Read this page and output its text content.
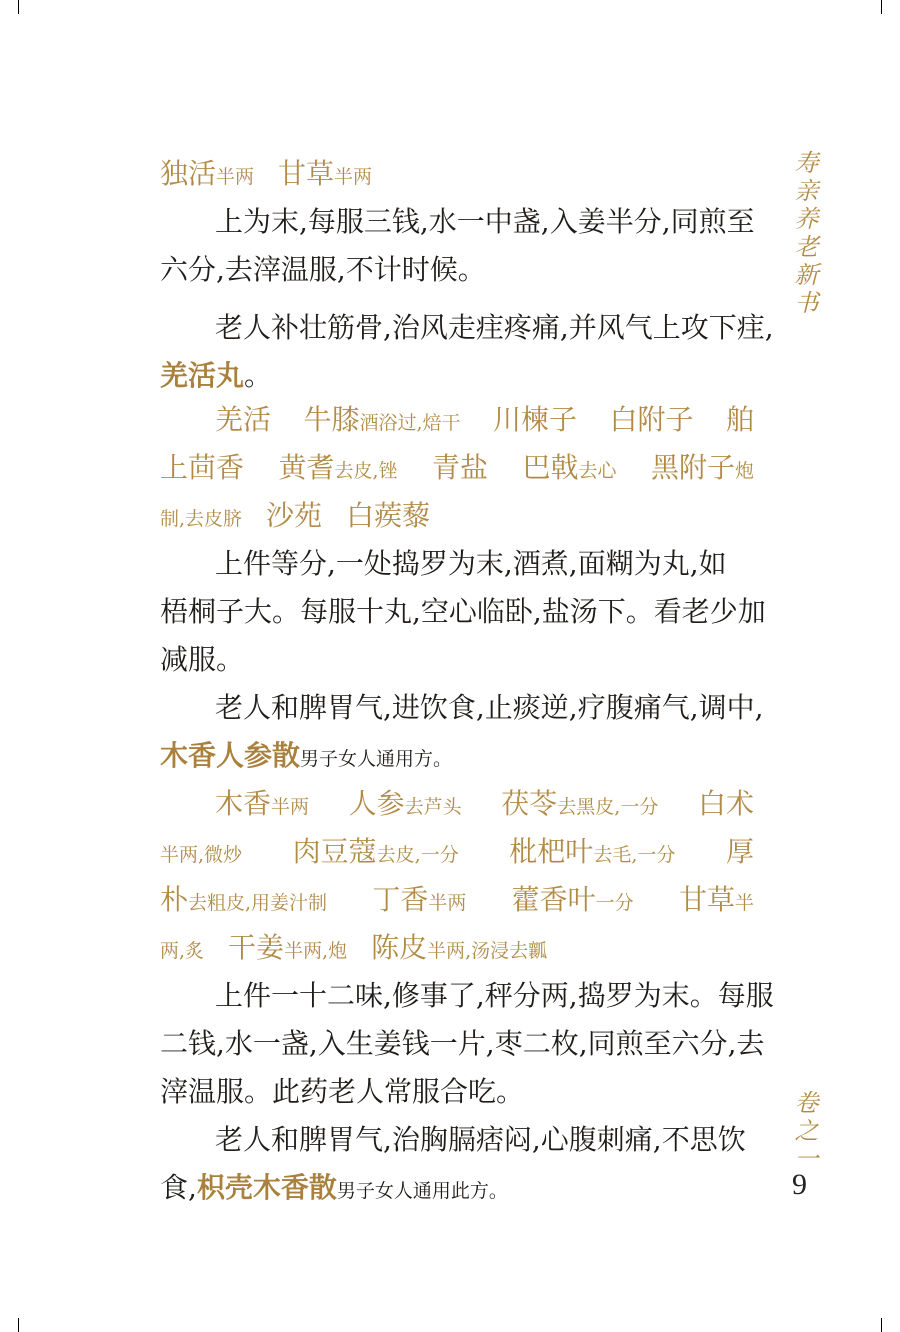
独活 半两 甘草 半两
上为末,每服三钱,水一中盏,入姜半分,同煎至
六分,去滓温服,不计时候。
老人补壮筋骨,治风走疰疼痛,并风气上攻下疰,
羌活丸 。
羌活 牛膝酒浴过,焙干 川楝子 白附子 舶
上茴香 黄耆去皮,锉 青盐 巴戟去心 黑附子炮
制,去皮脐 沙苑 白蒺藜
上件等分,一处捣罗为末,酒煮,面糊为丸,如
梧桐子大。每服十丸,空心临卧,盐汤下。看老少加
减服。
老人和脾胃气,进饮食,止痰逆,疗腹痛气,调中,
木香人参散 男子女人通用方。
木香半两 人参去芦头 茯苓去黑皮,一分 白术
半两,微炒 肉豆蔻去皮,一分 枇杷叶去毛,一分 厚
朴去粗皮,用姜汁制 丁香半两 藿香叶一分 甘草半
两,炙 干姜 半两,炮 陈皮 半两,汤浸去瓤
上件一十二味,修事了,秤分两,捣罗为末。每服
二钱,水一盏,入生姜钱一片,枣二枚,同煎至六分,去
滓温服。此药老人常服合吃。
老人和脾胃气,治胸膈痞闷,心腹刺痛,不思饮
食, 枳壳木香散 男子女人通用此方。
寿亲养老新书
卷之一
9
